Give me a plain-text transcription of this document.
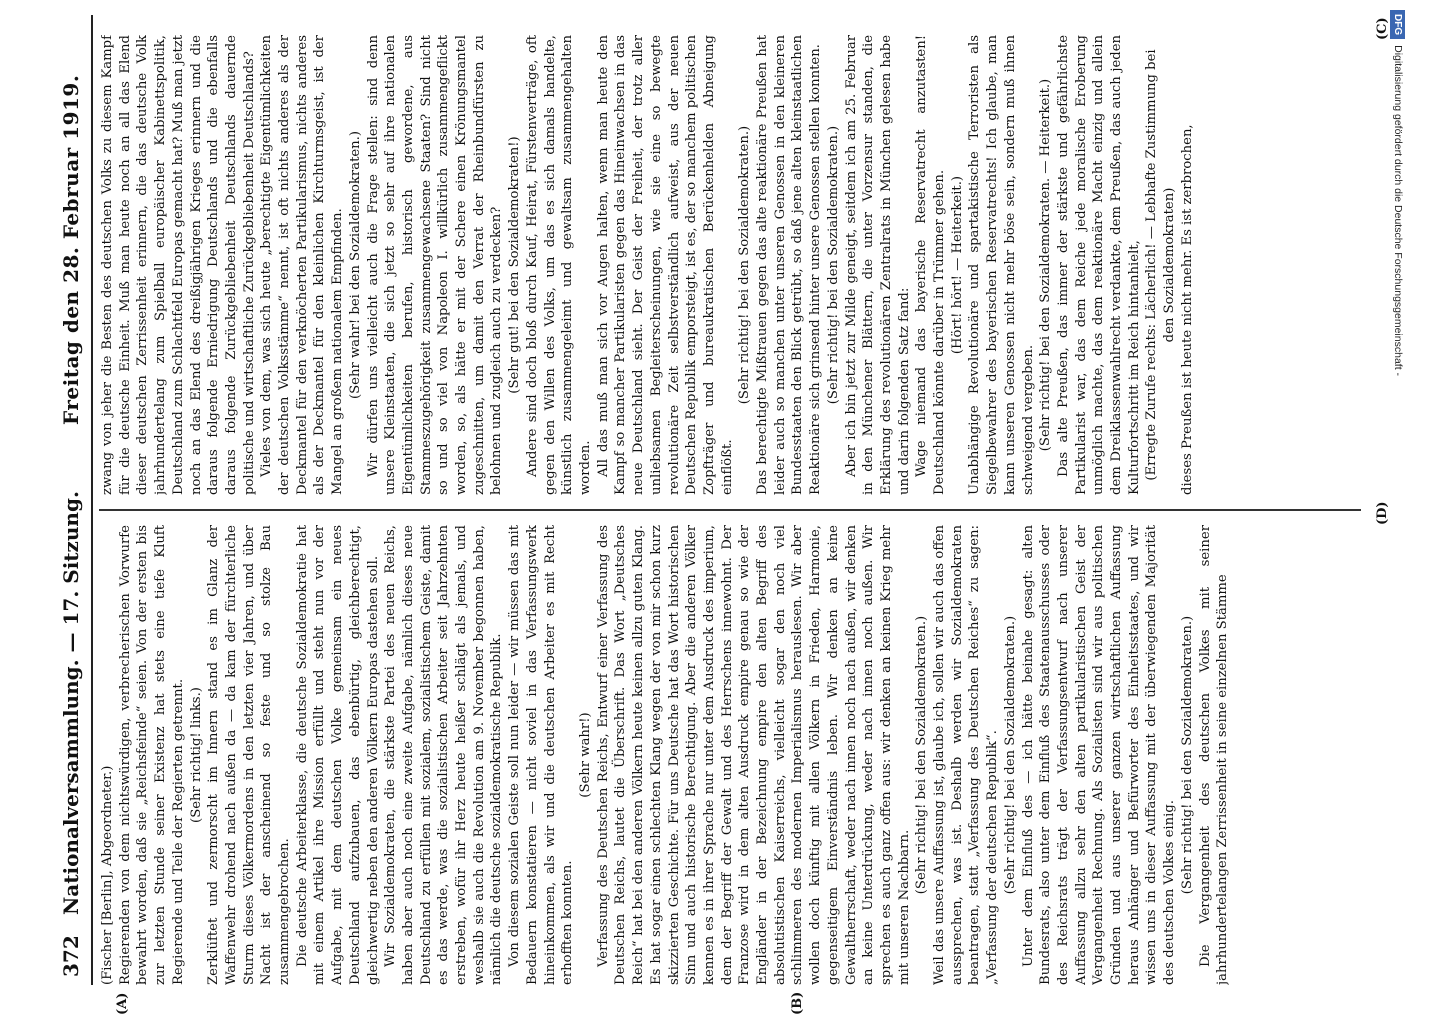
372
Nationalversammlung. — 17. Sitzung.
Freitag den 28. Februar 1919.

(Fischer [Berlin], Abgeordneter.) Regierenden von dem nichtswürdigen, verbrecherischen Vorwurfe bewahrt worden, daß sie „Reichsfeinde“ seien. Von der ersten bis zur letzten Stunde seiner Existenz hat stets eine tiefe Kluft Regierende und Teile der Regierten getrennt. (Sehr richtig! links.) Zerklüftet und zermorscht im Innern stand es im Glanz der Waffenwehr drohend nach außen da — da kam der fürchterliche Sturm dieses Völkermordens in den letzten vier Jahren, und über Nacht ist der anscheinend so feste und so stolze Bau zusammengebrochen. Die deutsche Arbeiterklasse, die deutsche Sozialdemokratie hat mit einem Artikel ihre Mission erfüllt und steht nun vor der Aufgabe, mit dem deutschen Volke gemeinsam ein neues Deutschland aufzubauen, das ebenbürtig, gleichberechtigt, gleichwertig neben den anderen Völkern Europas dastehen soll. Wir Sozialdemokraten, die stärkste Partei des neuen Reichs, haben aber auch noch eine zweite Aufgabe, nämlich dieses neue Deutschland zu erfüllen mit sozialem, sozialistischem Geiste, damit es das werde, was die sozialistischen Arbeiter seit Jahrzehnten erstreben, wofür ihr Herz heute heißer schlägt als jemals, und weshalb sie auch die Revolution am 9. November begonnen haben, nämlich die deutsche sozialdemokratische Republik. Von diesem sozialen Geiste soll nun leider — wir müssen das mit Bedauern konstatieren — nicht soviel in das Verfassungswerk hineinkommen, als wir und die deutschen Arbeiter es mit Recht erhofften konnten.

(Sehr wahr!) Verfassung des Deutschen Reichs, Entwurf einer Verfassung des Deutschen Reichs, lautet die Überschrift. Das Wort „Deutsches Reich“ hat bei den anderen Völkern heute keinen allzu guten Klang. Es hat sogar einen schlechten Klang wegen der von mir schon kurz skizzierten Geschichte. Für uns Deutsche hat das Wort historischen Sinn und auch historische Berechtigung. Aber die anderen Völker kennen es in ihrer Sprache nur unter dem Ausdruck des imperium, dem der Begriff der Gewalt und des Herrschens innewohnt. Der Franzose wird in dem alten Ausdruck empire genau so wie der Engländer in der Bezeichnung empire den alten Begriff des absolutistischen Kaiserreichs, vielleicht sogar den noch viel schlimmeren des modernen Imperialismus herauslesen. Wir aber wollen doch künftig mit allen Völkern in Frieden, Harmonie, gegenseitigem Einverständnis leben. Wir denken an keine Gewaltherrschaft, weder nach innen noch nach außen, wir denken an keine Unterdrückung, weder nach innen noch außen. Wir sprechen es auch ganz offen aus: wir denken an keinen Krieg mehr mit unseren Nachbarn.

(Sehr richtig! bei den Sozialdemokraten.) Weil das unsere Auffassung ist, glaube ich, sollen wir auch das offen aussprechen, was ist. Deshalb werden wir Sozialdemokraten beantragen, statt „Verfassung des Deutschen Reiches“ zu sagen: „Verfassung der deutschen Republik“. (Sehr richtig! bei den Sozialdemokraten.) Unter dem Einfluß des — ich hätte beinahe gesagt: alten Bundesrats, also unter dem Einfluß des Staatenausschusses oder des Reichsrats trägt der Verfassungsentwurf nach unserer Auffassung allzu sehr den alten partikularistischen Geist der Vergangenheit Rechnung. Als Sozialisten sind wir aus politischen Gründen und aus unserer ganzen wirtschaftlichen Auffassung heraus Anhänger und Befürworter des Einheitsstaates, und wir wissen uns in dieser Auffassung mit der überwiegenden Majorität des deutschen Volkes einig. (Sehr richtig! bei den Sozialdemokraten.) Die Vergangenheit des deutschen Volkes mit seiner jahrhundertelangen Zerrissenheit in seine einzelnen Stämme

zwang von jeher die Besten des deutschen Volks zu diesem Kampf für die deutsche Einheit. Muß man heute noch an all das Elend dieser deutschen Zerrissenheit erinnern, die das deutsche Volk jahrhundertelang zum Spielball europäischer Kabinettspolitik, Deutschland zum Schlachtfeld Europas gemacht hat? Muß man jetzt noch an das Elend des dreißigjährigen Krieges erinnern und die daraus folgende Erniedrigung Deutschlands und die ebenfalls daraus folgende Zurückgebliebenheit Deutschlands dauernde politische und wirtschaftliche Zurückgebliebenheit Deutschlands? Vieles von dem, was sich heute „berechtigte Eigentümlichkeiten der deutschen Volksstämme“ nennt, ist oft nichts anderes als der Deckmantel für den verknöcherten Partikularismus, nichts anderes als der Deckmantel für den kleinlichen Kirchturmsgeist, ist der Mangel an großem nationalem Empfinden. (Sehr wahr! bei den Sozialdemokraten.) Wir dürfen uns vielleicht auch die Frage stellen: sind denn unsere Kleinstaaten, die sich jetzt so sehr auf ihre nationalen Eigentümlichkeiten berufen, historisch gewordene, aus Stammeszugehörigkeit zusammengewachsene Staaten? Sind nicht so und so viel von Napoleon I. willkürlich zusammengeflickt worden, so, als hätte er mit der Schere einen Krönungsmantel zugeschnitten, um damit den Verrat der Rheinbundfürsten zu belohnen und zugleich auch zu verdecken? (Sehr gut! bei den Sozialdemokraten!) Andere sind doch bloß durch Kauf, Heirat, Fürstenverträge, oft gegen den Willen des Volks, um das es sich damals handelte, künstlich zusammengeleimt und gewaltsam zusammengehalten worden. All das muß man sich vor Augen halten, wenn man heute den Kampf so mancher Partikularisten gegen das Hineinwachsen in das neue Deutschland sieht. Der Geist der Freiheit, der trotz aller unliebsamen Begleiterscheinungen, wie sie eine so bewegte revolutionäre Zeit selbstverständlich aufweist, aus der neuen Deutschen Republik emporsteigt, ist es, der so manchem politischen Zopfträger und bureaukratischen Berückenhelden Abneigung einflößt.

(Sehr richtig! bei den Sozialdemokraten.) Das berechtigte Mißtrauen gegen das alte reaktionäre Preußen hat leider auch so manchen unter unseren Genossen in den kleineren Bundesstaaten den Blick getrübt, so daß jene alten kleinstaatlichen Reaktionäre sich grinsend hinter unsere Genossen stellen konnten. (Sehr richtig! bei den Sozialdemokraten.) Aber ich bin jetzt zur Milde geneigt, seitdem ich am 25. Februar in den Münchener Blättern, die unter Vorzensur standen, die Erklärung des revolutionären Zentralrats in München gelesen habe und darin folgenden Satz fand: Wage niemand das bayerische Reservatrecht anzutasten! Deutschland könnte darüber in Trümmer gehen. (Hört! hört! — Heiterkeit.) Unabhängige Revolutionäre und spartakistische Terroristen als Siegelbewahrer des bayerischen Reservatrechts! Ich glaube, man kann unseren Genossen nicht mehr böse sein, sondern muß ihnen schweigend vergeben. (Sehr richtig! bei den Sozialdemokraten. — Heiterkeit.) Das alte Preußen, das immer der stärkste und gefährlichste Partikularist war, das dem Reiche jede moralische Eroberung unmöglich machte, das dem reaktionäre Macht einzig und allein dem Dreiklassenwahlrecht verdankte, dem Preußen, das auch jeden Kulturfortschritt im Reich hintanhielt, (Erregte Zurufe rechts: Lächerlich! — Lebhafte Zustimmung bei den Sozialdemokraten) dieses Preußen ist heute nicht mehr. Es ist zerbrochen,

(A)	(B)
(C)
(D)
DFGDigitalisierung gefördert durch die Deutsche Forschungsgemeinschaft -
